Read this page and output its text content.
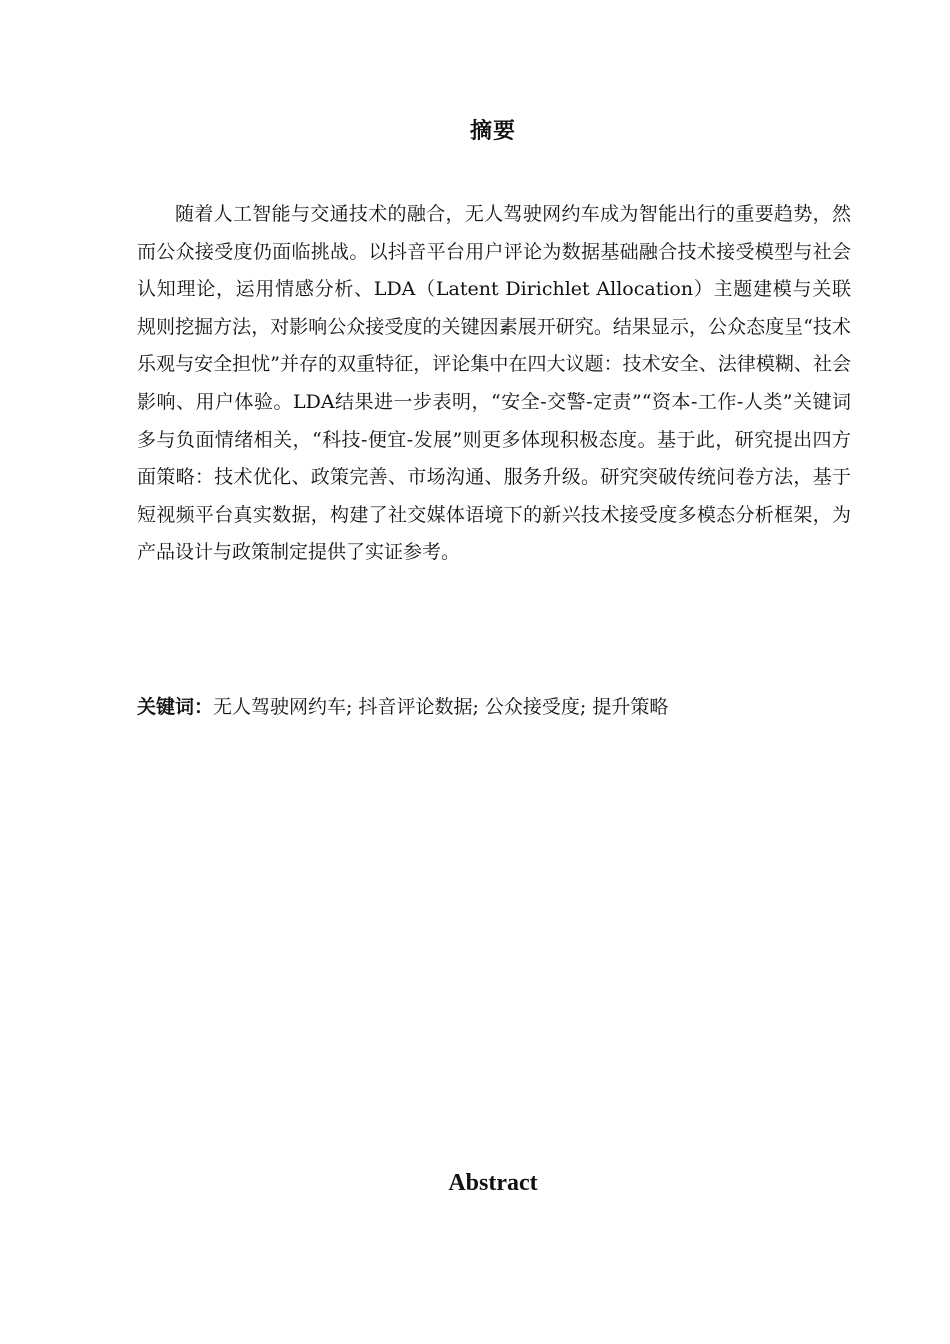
摘要

随着人工智能与交通技术的融合，无人驾驶网约车成为智能出行的重要趋势，然而公众接受度仍面临挑战。以抖音平台用户评论为数据基础融合技术接受模型与社会认知理论，运用情感分析、LDA（Latent Dirichlet Allocation）主题建模与关联规则挖掘方法，对影响公众接受度的关键因素展开研究。结果显示，公众态度呈“技术乐观与安全担忧”并存的双重特征，评论集中在四大议题：技术安全、法律模糊、社会影响、用户体验。LDA结果进一步表明，“安全-交警-定责”“资本-工作-人类”关键词多与负面情绪相关，“科技-便宜-发展”则更多体现积极态度。基于此，研究提出四方面策略：技术优化、政策完善、市场沟通、服务升级。研究突破传统问卷方法，基于短视频平台真实数据，构建了社交媒体语境下的新兴技术接受度多模态分析框架，为产品设计与政策制定提供了实证参考。

关键词：无人驾驶网约车; 抖音评论数据; 公众接受度; 提升策略
Abstract
